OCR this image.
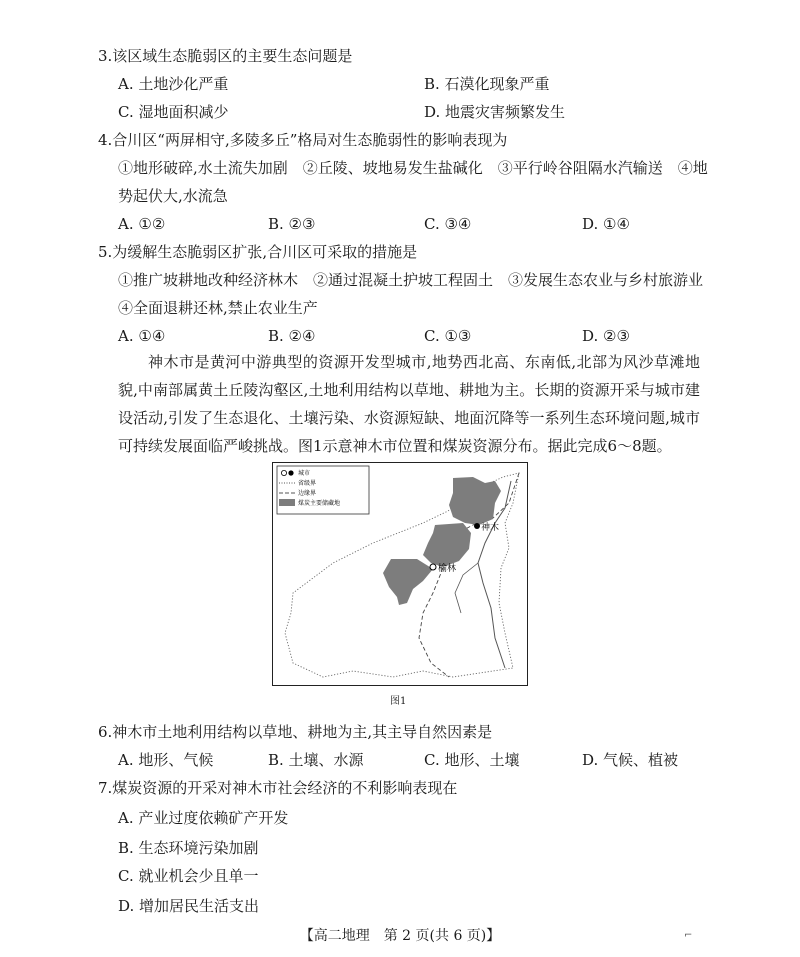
3.该区域生态脆弱区的主要生态问题是
A. 土地沙化严重	B. 石漠化现象严重
C. 湿地面积减少	D. 地震灾害频繁发生
4.合川区“两屏相守,多陵多丘”格局对生态脆弱性的影响表现为
①地形破碎,水土流失加剧　②丘陵、坡地易发生盐碱化　③平行岭谷阻隔水汽输送　④地
势起伏大,水流急
A. ①②	B. ②③	C. ③④	D. ①④
5.为缓解生态脆弱区扩张,合川区可采取的措施是
①推广坡耕地改种经济林木　②通过混凝土护坡工程固土　③发展生态农业与乡村旅游业
④全面退耕还林,禁止农业生产
A. ①④	B. ②④	C. ①③	D. ②③
神木市是黄河中游典型的资源开发型城市,地势西北高、东南低,北部为风沙草滩地貌,中南部属黄土丘陵沟壑区,土地利用结构以草地、耕地为主。长期的资源开采与城市建设活动,引发了生态退化、土壤污染、水资源短缺、地面沉降等一系列生态环境问题,城市可持续发展面临严峻挑战。图1示意神木市位置和煤炭资源分布。据此完成6～8题。
城市
省级界
边缘界
煤炭主要储藏地
神木
榆林
图1
6.神木市土地利用结构以草地、耕地为主,其主导自然因素是
A. 地形、气候	B. 土壤、水源	C. 地形、土壤	D. 气候、植被
7.煤炭资源的开采对神木市社会经济的不利影响表现在
A. 产业过度依赖矿产开发
B. 生态环境污染加剧
C. 就业机会少且单一
D. 增加居民生活支出
【高二地理　第 2 页(共 6 页)】	⌐
